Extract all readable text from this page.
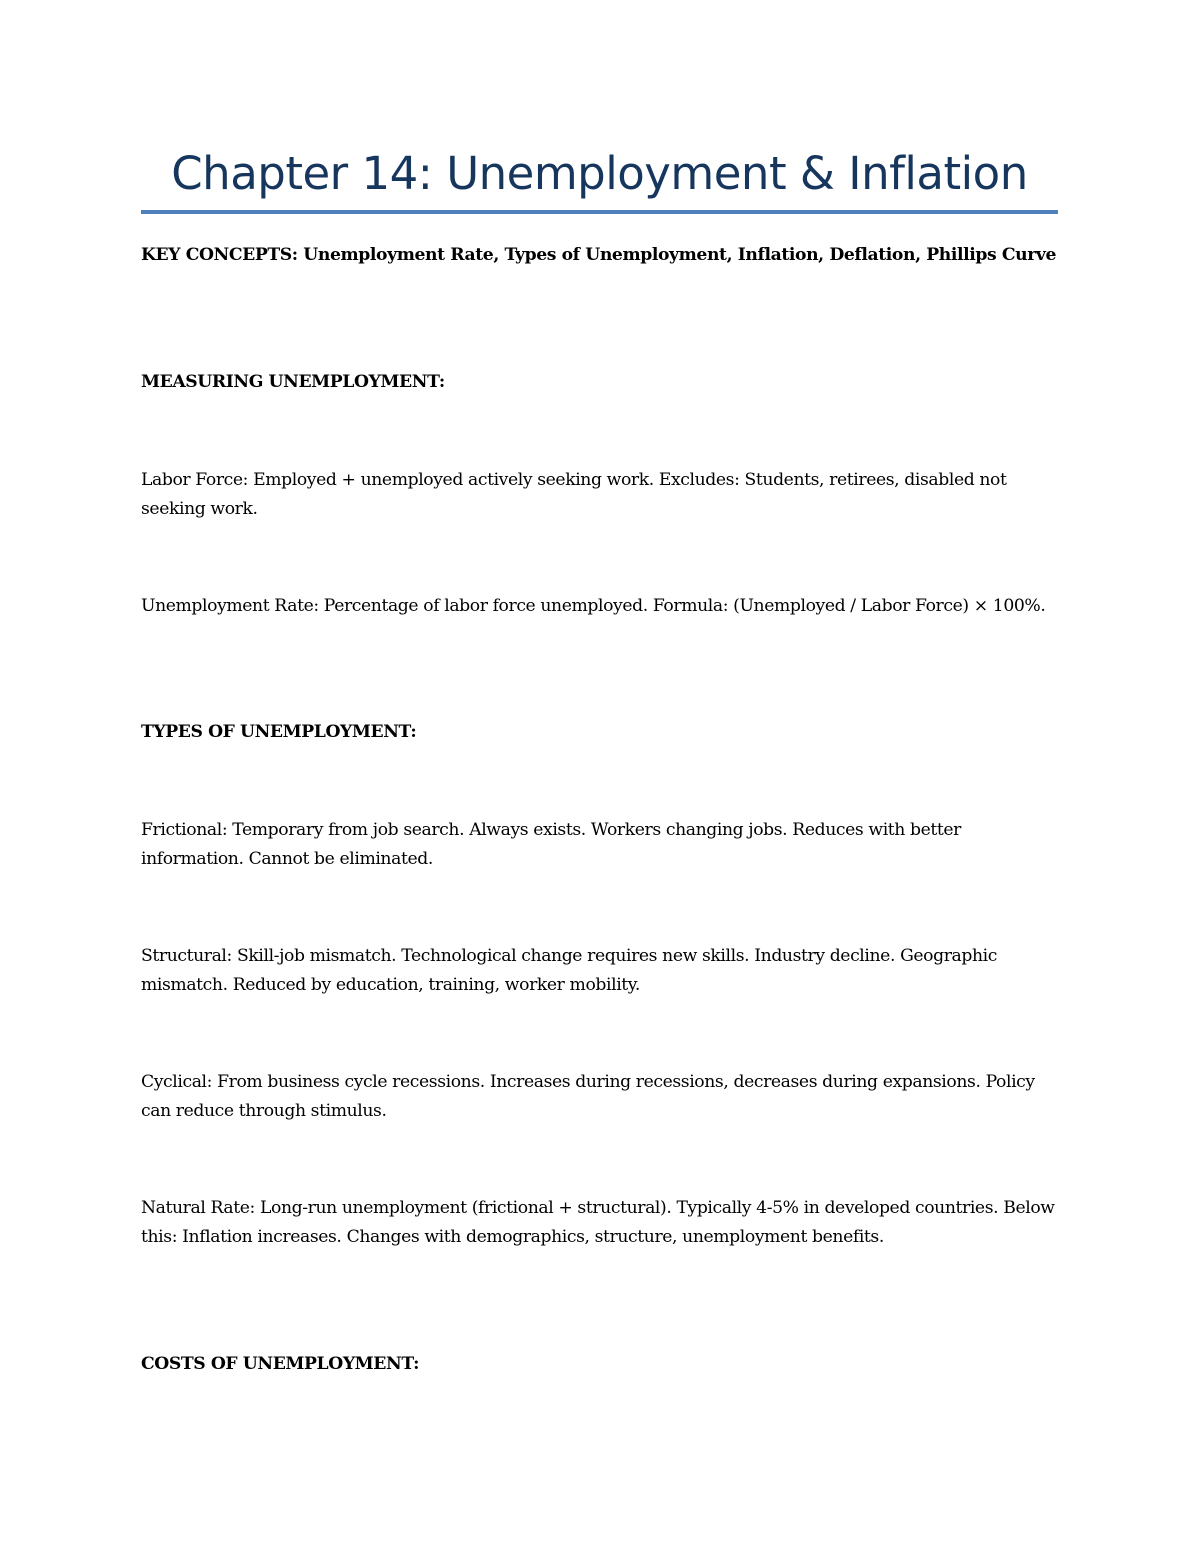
Chapter 14: Unemployment & Inflation

KEY CONCEPTS: Unemployment Rate, Types of Unemployment, Inflation, Deflation, Phillips Curve

MEASURING UNEMPLOYMENT:

Labor Force: Employed + unemployed actively seeking work. Excludes: Students, retirees, disabled not seeking work.

Unemployment Rate: Percentage of labor force unemployed. Formula: (Unemployed / Labor Force) × 100%.

TYPES OF UNEMPLOYMENT:

Frictional: Temporary from job search. Always exists. Workers changing jobs. Reduces with better information. Cannot be eliminated.

Structural: Skill-job mismatch. Technological change requires new skills. Industry decline. Geographic mismatch. Reduced by education, training, worker mobility.

Cyclical: From business cycle recessions. Increases during recessions, decreases during expansions. Policy can reduce through stimulus.

Natural Rate: Long-run unemployment (frictional + structural). Typically 4-5% in developed countries. Below this: Inflation increases. Changes with demographics, structure, unemployment benefits.

COSTS OF UNEMPLOYMENT:
